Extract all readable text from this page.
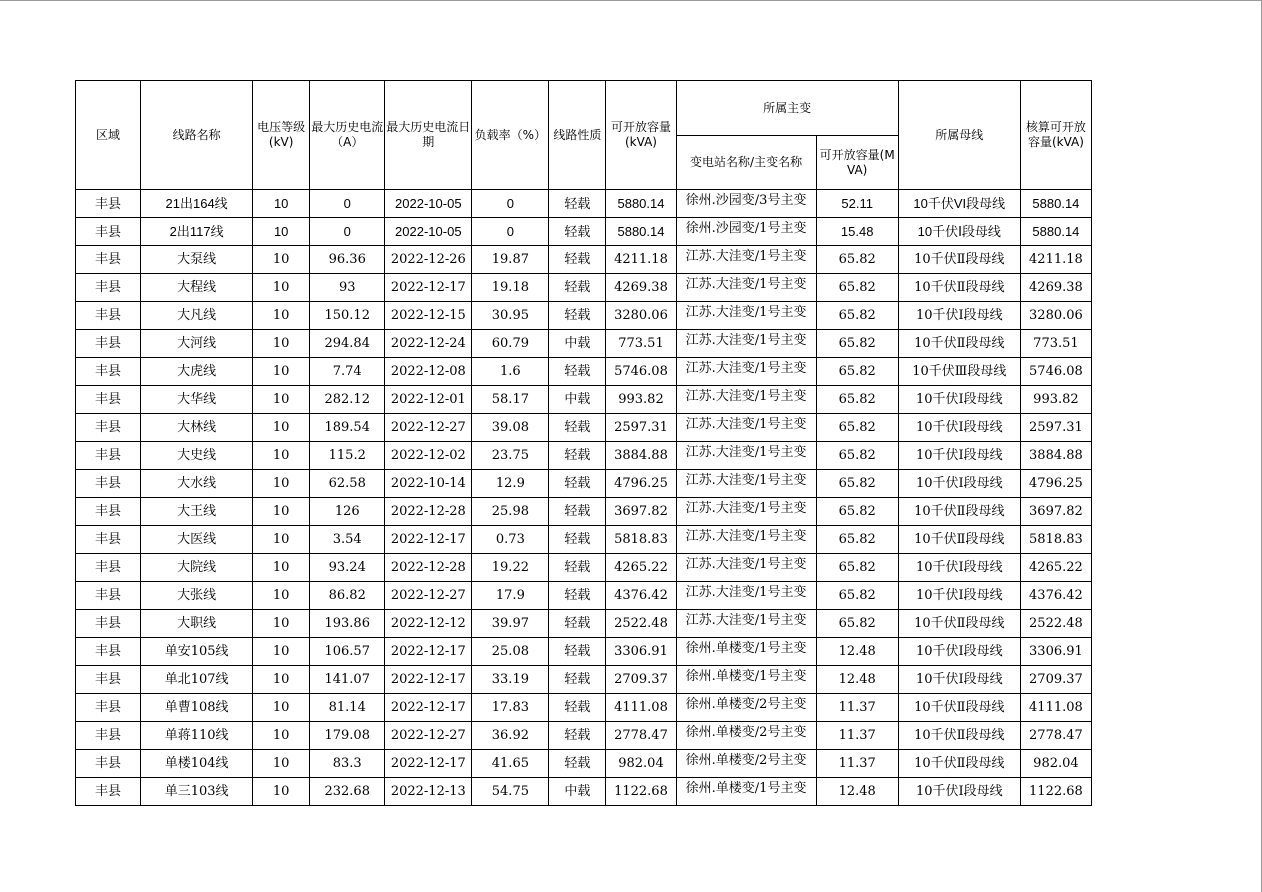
区域	线路名称	电压等级(kV)	最大历史电流（A）	最大历史电流日期	负载率（%）	线路性质	可开放容量(kVA)	所属主变		所属母线	核算可开放容量(kVA)
								变电站名称/主变名称	可开放容量(MVA)		
丰县	21出164线	10	0	2022-10-05	0	轻载	5880.14	徐州.沙园变/3号主变	52.11	10千伏VI段母线	5880.14
丰县	2出117线	10	0	2022-10-05	0	轻载	5880.14	徐州.沙园变/1号主变	15.48	10千伏Ⅰ段母线	5880.14
丰县	大泵线	10	96.36	2022-12-26	19.87	轻载	4211.18	江苏.大洼变/1号主变	65.82	10千伏Ⅱ段母线	4211.18
丰县	大程线	10	93	2022-12-17	19.18	轻载	4269.38	江苏.大洼变/1号主变	65.82	10千伏Ⅱ段母线	4269.38
丰县	大凡线	10	150.12	2022-12-15	30.95	轻载	3280.06	江苏.大洼变/1号主变	65.82	10千伏Ⅰ段母线	3280.06
丰县	大河线	10	294.84	2022-12-24	60.79	中载	773.51	江苏.大洼变/1号主变	65.82	10千伏Ⅱ段母线	773.51
丰县	大虎线	10	7.74	2022-12-08	1.6	轻载	5746.08	江苏.大洼变/1号主变	65.82	10千伏Ⅲ段母线	5746.08
丰县	大华线	10	282.12	2022-12-01	58.17	中载	993.82	江苏.大洼变/1号主变	65.82	10千伏Ⅰ段母线	993.82
丰县	大林线	10	189.54	2022-12-27	39.08	轻载	2597.31	江苏.大洼变/1号主变	65.82	10千伏Ⅰ段母线	2597.31
丰县	大史线	10	115.2	2022-12-02	23.75	轻载	3884.88	江苏.大洼变/1号主变	65.82	10千伏Ⅰ段母线	3884.88
丰县	大水线	10	62.58	2022-10-14	12.9	轻载	4796.25	江苏.大洼变/1号主变	65.82	10千伏Ⅰ段母线	4796.25
丰县	大王线	10	126	2022-12-28	25.98	轻载	3697.82	江苏.大洼变/1号主变	65.82	10千伏Ⅱ段母线	3697.82
丰县	大医线	10	3.54	2022-12-17	0.73	轻载	5818.83	江苏.大洼变/1号主变	65.82	10千伏Ⅱ段母线	5818.83
丰县	大院线	10	93.24	2022-12-28	19.22	轻载	4265.22	江苏.大洼变/1号主变	65.82	10千伏Ⅰ段母线	4265.22
丰县	大张线	10	86.82	2022-12-27	17.9	轻载	4376.42	江苏.大洼变/1号主变	65.82	10千伏Ⅰ段母线	4376.42
丰县	大职线	10	193.86	2022-12-12	39.97	轻载	2522.48	江苏.大洼变/1号主变	65.82	10千伏Ⅱ段母线	2522.48
丰县	单安105线	10	106.57	2022-12-17	25.08	轻载	3306.91	徐州.单楼变/1号主变	12.48	10千伏Ⅰ段母线	3306.91
丰县	单北107线	10	141.07	2022-12-17	33.19	轻载	2709.37	徐州.单楼变/1号主变	12.48	10千伏Ⅰ段母线	2709.37
丰县	单曹108线	10	81.14	2022-12-17	17.83	轻载	4111.08	徐州.单楼变/2号主变	11.37	10千伏Ⅱ段母线	4111.08
丰县	单蒋110线	10	179.08	2022-12-27	36.92	轻载	2778.47	徐州.单楼变/2号主变	11.37	10千伏Ⅱ段母线	2778.47
丰县	单楼104线	10	83.3	2022-12-17	41.65	轻载	982.04	徐州.单楼变/2号主变	11.37	10千伏Ⅱ段母线	982.04
丰县	单三103线	10	232.68	2022-12-13	54.75	中载	1122.68	徐州.单楼变/1号主变	12.48	10千伏Ⅰ段母线	1122.68
